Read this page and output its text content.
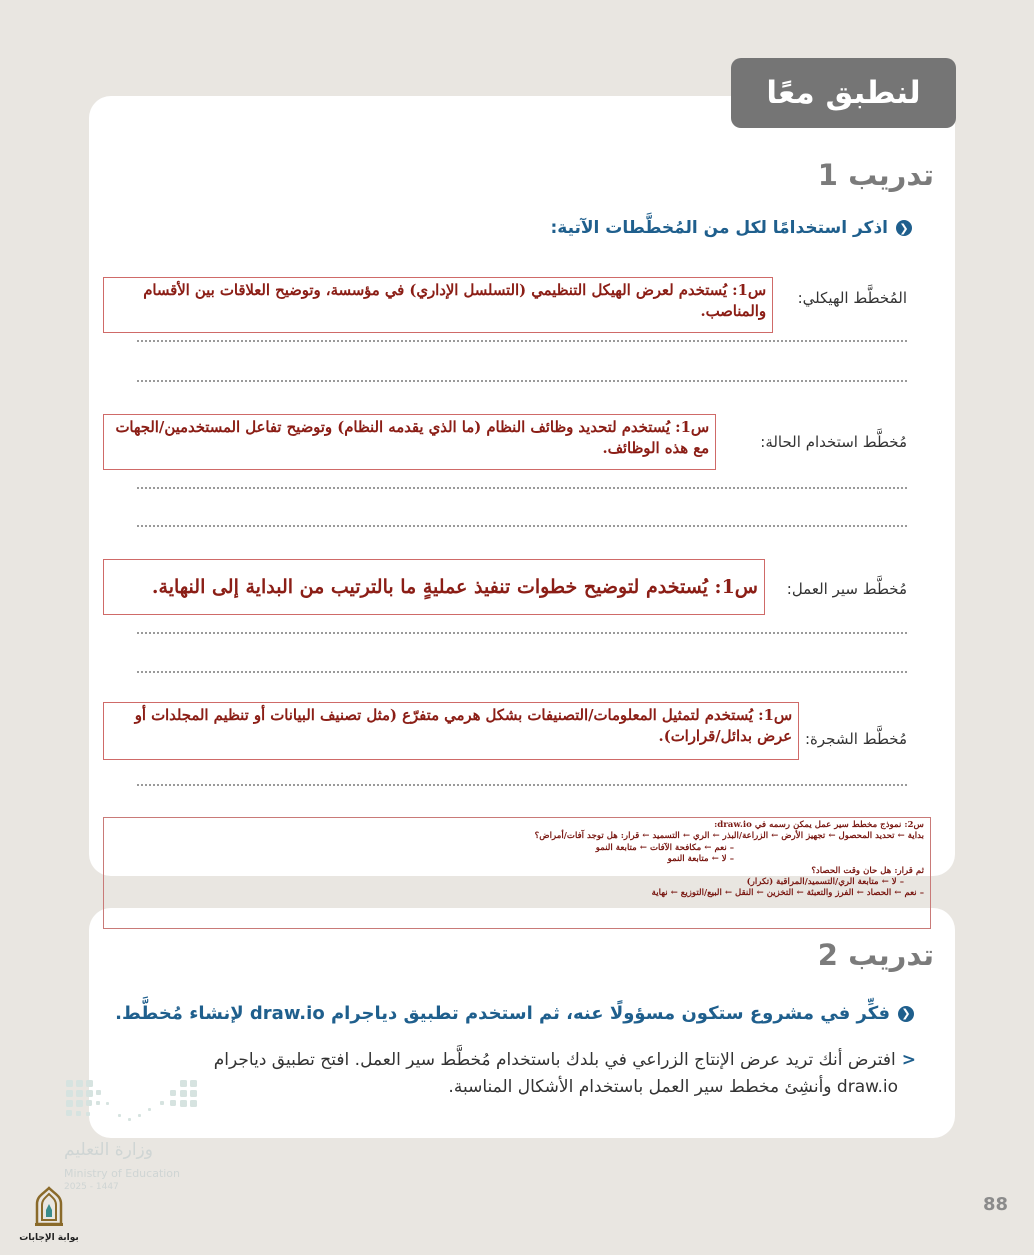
لنطبق معًا
تدريب 1
❮
اذكر استخدامًا لكل من المُخطَّطات الآتية:
المُخطَّط الهيكلي:
س1: يُستخدم لعرض الهيكل التنظيمي (التسلسل الإداري) في مؤسسة، وتوضيح العلاقات بين الأقسام والمناصب.
مُخطَّط استخدام الحالة:
س1: يُستخدم لتحديد وظائف النظام (ما الذي يقدمه النظام) وتوضيح تفاعل المستخدمين/الجهات مع هذه الوظائف.
مُخطَّط سير العمل:
س1: يُستخدم لتوضيح خطوات تنفيذ عمليةٍ ما بالترتيب من البداية إلى النهاية.
مُخطَّط الشجرة:
س1: يُستخدم لتمثيل المعلومات/التصنيفات بشكل هرمي متفرّع (مثل تصنيف البيانات أو تنظيم المجلدات أو عرض بدائل/قرارات).
س2: نموذج مخطط سير عمل يمكن رسمه في draw.io:
بداية ← تحديد المحصول ← تجهيز الأرض ← الزراعة/البذر ← الري ← التسميد ← قرار: هل توجد آفات/أمراض؟
– نعم ← مكافحة الآفات ← متابعة النمو
– لا ← متابعة النمو
ثم قرار: هل حان وقت الحصاد؟
– لا ← متابعة الري/التسميد/المراقبة (تكرار)
– نعم ← الحصاد ← الفرز والتعبئة ← التخزين ← النقل ← البيع/التوزيع ← نهاية
تدريب 2
❮
فكِّر في مشروع ستكون مسؤولًا عنه، ثم استخدم تطبيق دياجرام draw.io لإنشاء مُخطَّط.
<
افترض أنك تريد عرض الإنتاج الزراعي في بلدك باستخدام مُخطَّط سير العمل. افتح تطبيق دياجرام
draw.io وأنشِئ مخطط سير العمل باستخدام الأشكال المناسبة.
وزارة التعليم
Ministry of Education
2025 - 1447
88
بوابة الإجابات
